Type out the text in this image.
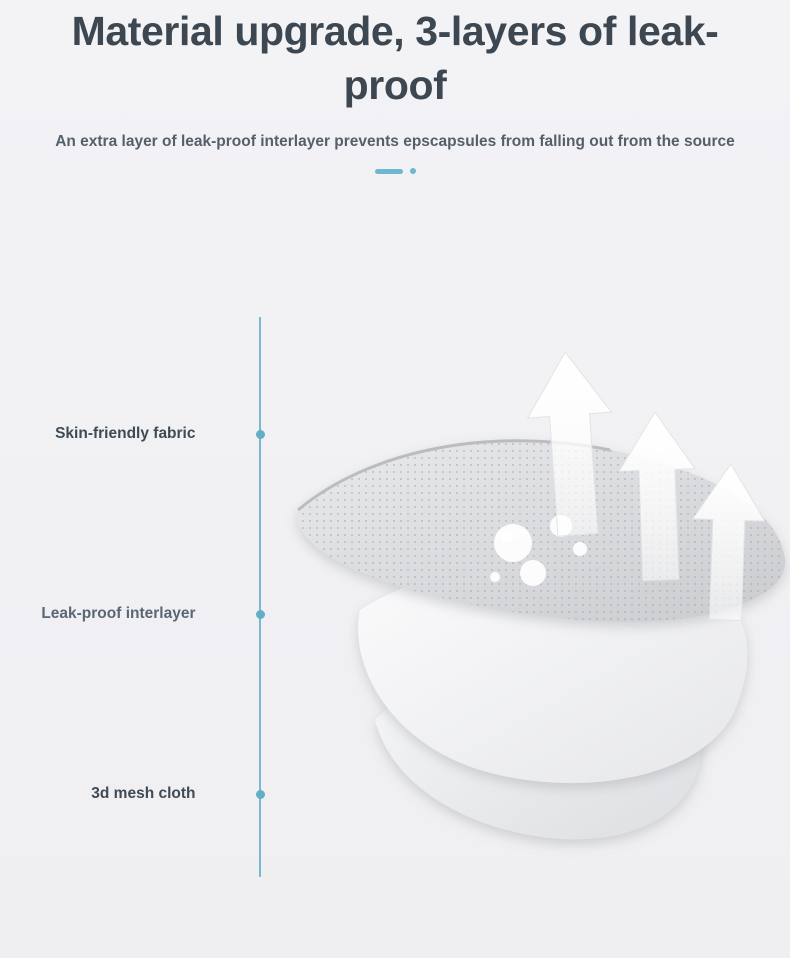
Material upgrade, 3-layers of leak-proof

An extra layer of leak-proof interlayer prevents epscapsules from falling out from the source

Skin-friendly fabric
Leak-proof interlayer
3d mesh cloth
